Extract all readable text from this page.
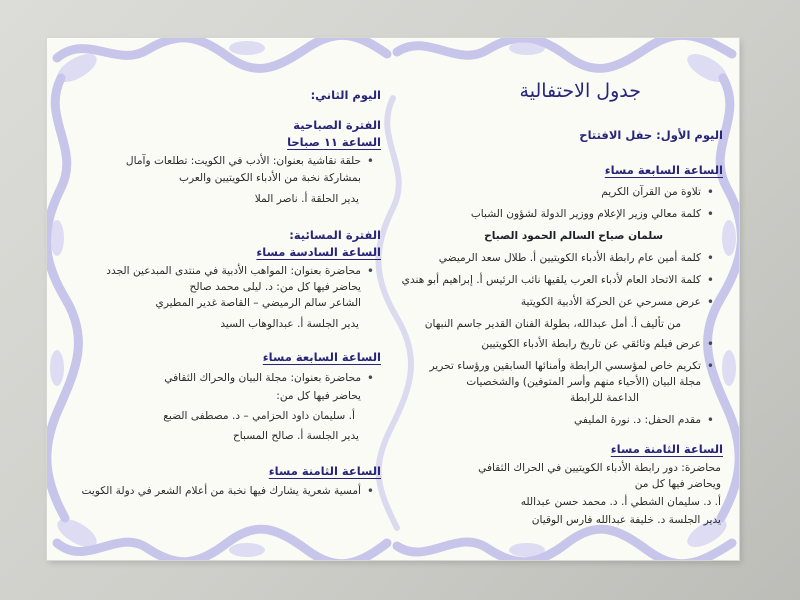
جدول الاحتفالية
اليوم الأول: حفل الافتتاح
الساعة السابعة مساء
• تلاوة من القرآن الكريم
• كلمة معالي وزير الإعلام ووزير الدولة لشؤون الشباب
سلمان صباح السالم الحمود الصباح
• كلمة أمين عام رابطة الأدباء الكويتيين أ. طلال سعد الرميضي
• كلمة الاتحاد العام لأدباء العرب يلقيها نائب الرئيس أ. إبراهيم أبو هندي
• عرض مسرحي عن الحركة الأدبية الكويتية
من تأليف أ. أمل عبدالله، بطولة الفنان القدير جاسم النبهان
• عرض فيلم وثائقي عن تاريخ رابطة الأدباء الكويتيين
• تكريم خاص لمؤسسي الرابطة وأمنائها السابقين ورؤساء تحرير
مجلة البيان (الأحياء منهم وأسر المتوفين) والشخصيات
الداعمة للرابطة
• مقدم الحفل: د. نورة المليفي
الساعة الثامنة مساء
محاضرة: دور رابطة الأدباء الكويتيين في الحراك الثقافي
ويحاضر فيها كل من
أ. د. سليمان الشطي أ. د. محمد حسن عبدالله
يدير الجلسة د. خليفة عبدالله فارس الوقيان
اليوم الثاني:
الفترة الصباحية
الساعة ١١ صباحا
• حلقة نقاشية بعنوان: الأدب في الكويت: تطلعات وآمال
بمشاركة نخبة من الأدباء الكويتيين والعرب
يدير الحلقة أ. ناصر الملا
الفترة المسائية:
الساعة السادسة مساء
• محاضرة بعنوان: المواهب الأدبية في منتدى المبدعين الجدد
يحاضر فيها كل من: د. ليلى محمد صالح
الشاعر سالم الرميضي – القاصة غدير المطيري
يدير الجلسة أ. عبدالوهاب السيد
الساعة السابعة مساء
• محاضرة بعنوان: مجلة البيان والحراك الثقافي
يحاضر فيها كل من:
أ. سليمان داود الحزامي – د. مصطفى الضبع
يدير الجلسة أ. صالح المسباح
الساعة الثامنة مساء
• أمسية شعرية يشارك فيها نخبة من أعلام الشعر في دولة الكويت
